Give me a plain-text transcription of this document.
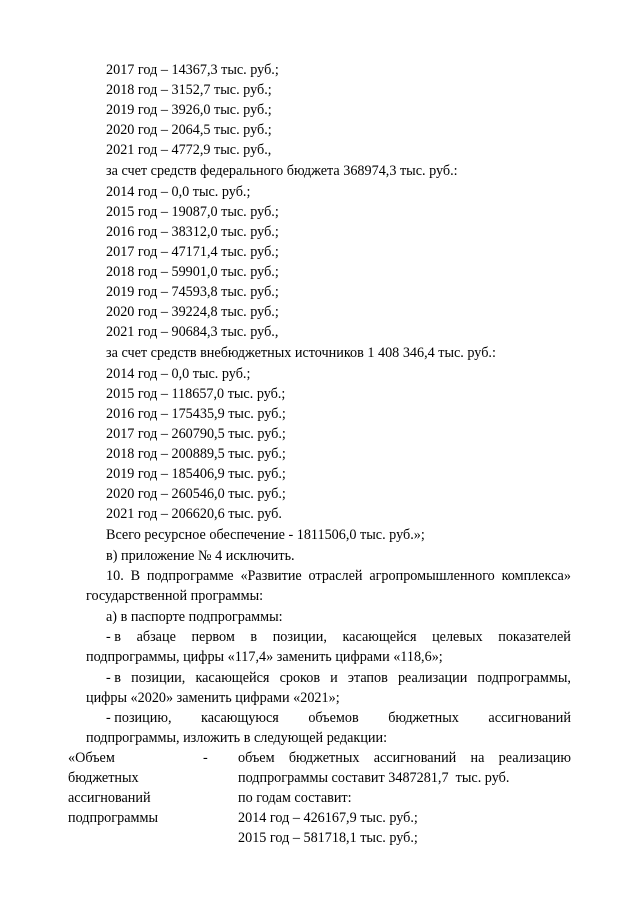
2017 год – 14367,3 тыс. руб.;
2018 год – 3152,7 тыс. руб.;
2019 год – 3926,0 тыс. руб.;
2020 год – 2064,5 тыс. руб.;
2021 год – 4772,9 тыс. руб.,
за счет средств федерального бюджета 368974,3 тыс. руб.:
2014 год – 0,0 тыс. руб.;
2015 год – 19087,0 тыс. руб.;
2016 год – 38312,0 тыс. руб.;
2017 год – 47171,4 тыс. руб.;
2018 год – 59901,0 тыс. руб.;
2019 год – 74593,8 тыс. руб.;
2020 год – 39224,8 тыс. руб.;
2021 год – 90684,3 тыс. руб.,
за счет средств внебюджетных источников 1 408 346,4 тыс. руб.:
2014 год – 0,0 тыс. руб.;
2015 год – 118657,0 тыс. руб.;
2016 год – 175435,9 тыс. руб.;
2017 год – 260790,5 тыс. руб.;
2018 год – 200889,5 тыс. руб.;
2019 год – 185406,9 тыс. руб.;
2020 год – 260546,0 тыс. руб.;
2021 год – 206620,6 тыс. руб.
Всего ресурсное обеспечение - 1811506,0 тыс. руб.»;
в) приложение № 4 исключить.
10. В подпрограмме «Развитие отраслей агропромышленного комплекса»
государственной программы:
а) в паспорте подпрограммы:
- в абзаце первом в позиции, касающейся целевых показателей
подпрограммы, цифры «117,4» заменить цифрами «118,6»;
- в позиции, касающейся сроков и этапов реализации подпрограммы,
цифры «2020» заменить цифрами «2021»;
- позицию, касающуюся объемов бюджетных ассигнований
подпрограммы, изложить в следующей редакции:
«Объем
бюджетных
ассигнований
подпрограммы
- объем бюджетных ассигнований на реализацию
подпрограммы составит 3487281,7  тыс. руб.
по годам составит:
2014 год – 426167,9 тыс. руб.;
2015 год – 581718,1 тыс. руб.;
